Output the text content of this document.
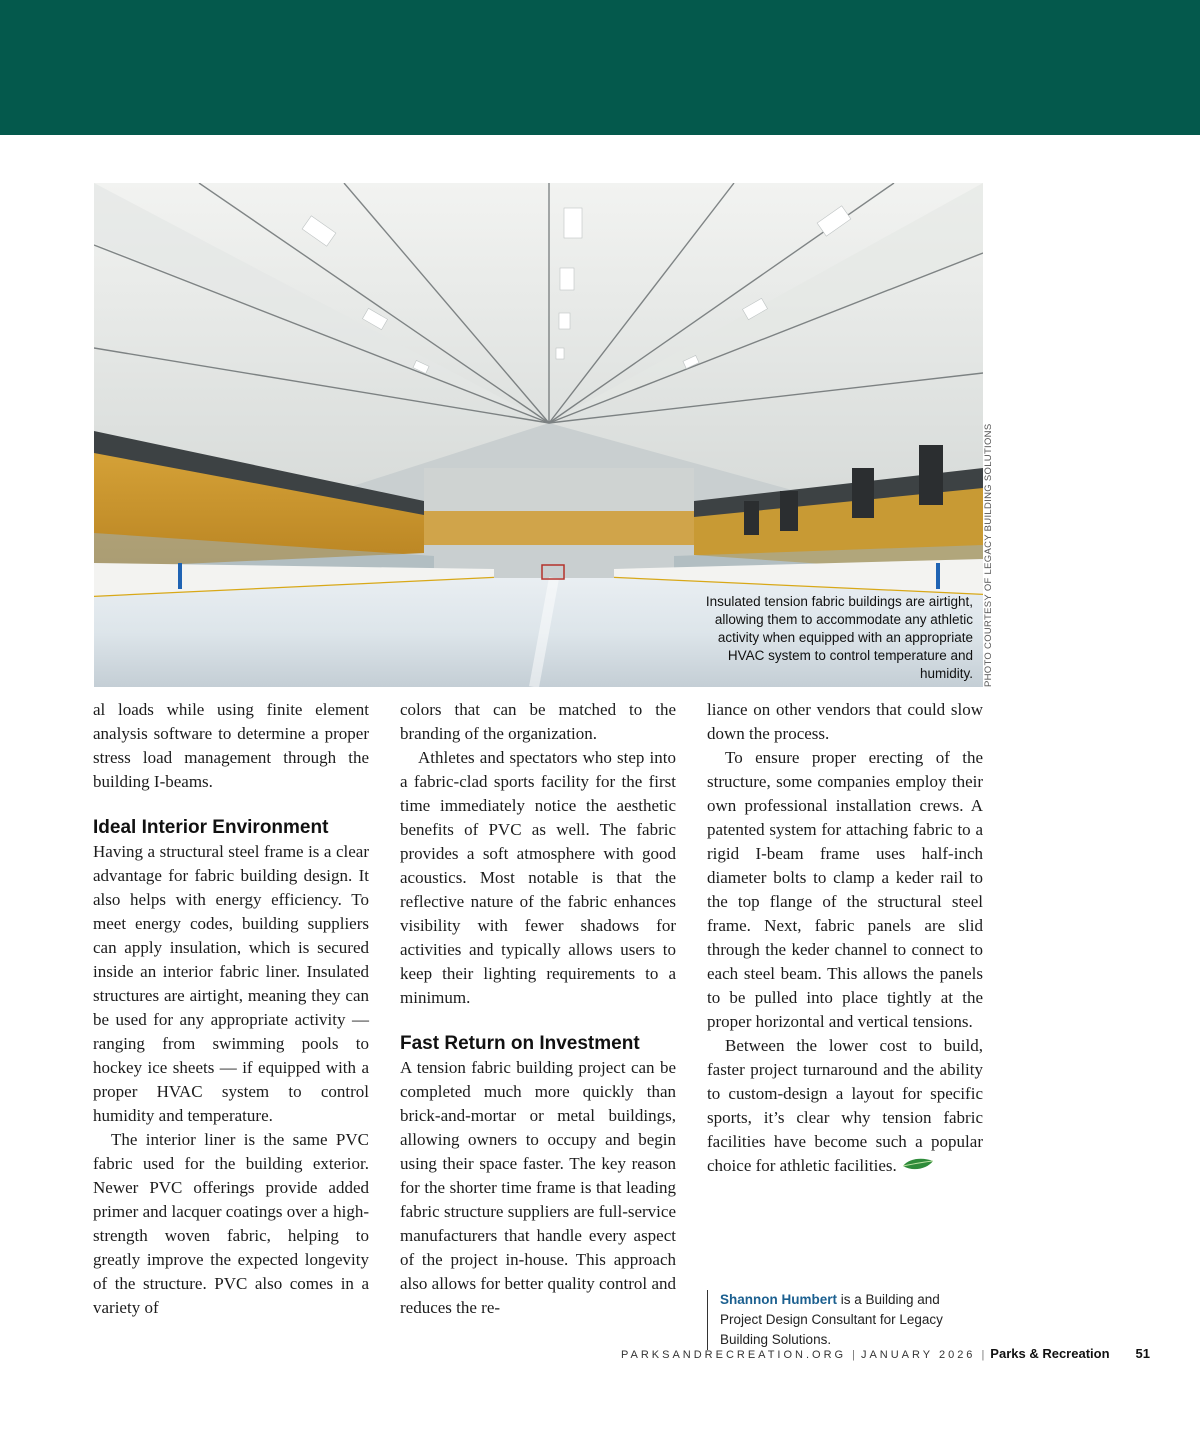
Insulated tension fabric buildings are airtight, allowing them to accommodate any athletic activity when equipped with an appropriate HVAC system to control temperature and humidity. PHOTO COURTESY OF LEGACY BUILDING SOLUTIONS

al loads while using finite element analysis software to determine a proper stress load management through the building I-beams.

Ideal Interior Environment

Having a structural steel frame is a clear advantage for fabric building design. It also helps with energy efficiency. To meet energy codes, building suppliers can apply insulation, which is secured inside an interior fabric liner. Insulated structures are airtight, meaning they can be used for any appropriate activity — ranging from swimming pools to hockey ice sheets — if equipped with a proper HVAC system to control humidity and temperature.

The interior liner is the same PVC fabric used for the building exterior. Newer PVC offerings provide added primer and lacquer coatings over a high-strength woven fabric, helping to greatly improve the expected longevity of the structure. PVC also comes in a variety of

colors that can be matched to the branding of the organization.

Athletes and spectators who step into a fabric-clad sports facility for the first time immediately notice the aesthetic benefits of PVC as well. The fabric provides a soft atmosphere with good acoustics. Most notable is that the reflective nature of the fabric enhances visibility with fewer shadows for activities and typically allows users to keep their lighting requirements to a minimum.

Fast Return on Investment

A tension fabric building project can be completed much more quickly than brick-and-mortar or metal buildings, allowing owners to occupy and begin using their space faster. The key reason for the shorter time frame is that leading fabric structure suppliers are full-service manufacturers that handle every aspect of the project in-house. This approach also allows for better quality control and reduces the re-

liance on other vendors that could slow down the process.

To ensure proper erecting of the structure, some companies employ their own professional installation crews. A patented system for attaching fabric to a rigid I-beam frame uses half-inch diameter bolts to clamp a keder rail to the top flange of the structural steel frame. Next, fabric panels are slid through the keder channel to connect to each steel beam. This allows the panels to be pulled into place tightly at the proper horizontal and vertical tensions.

Between the lower cost to build, faster project turnaround and the ability to custom-design a layout for specific sports, it’s clear why tension fabric facilities have become such a popular choice for athletic facilities.

Shannon Humbert is a Building and Project Design Consultant for Legacy Building Solutions.
PARKSANDRECREATION.ORG | JANUARY 2026 | Parks & Recreation 51
